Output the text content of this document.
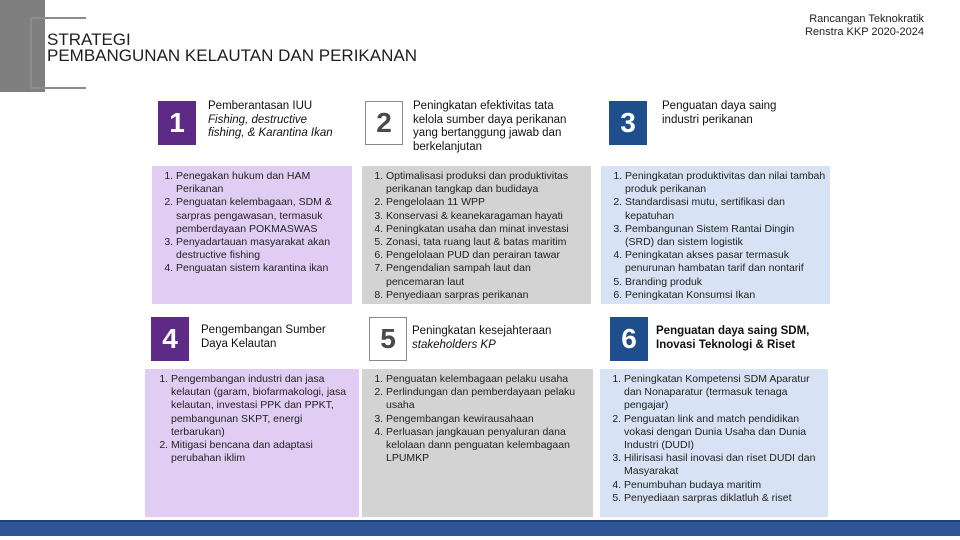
STRATEGI
PEMBANGUNAN KELAUTAN DAN PERIKANAN
Rancangan Teknokratik
Renstra KKP 2020-2024
1
Pemberantasan IUU
Fishing, destructive
fishing, & Karantina Ikan
1. Penegakan hukum dan HAM Perikanan
2. Penguatan kelembagaan, SDM & sarpras pengawasan, termasuk pemberdayaan POKMASWAS
3. Penyadartauan masyarakat akan destructive fishing
4. Penguatan sistem karantina ikan
2
Peningkatan efektivitas tata
kelola sumber daya perikanan
yang bertanggung jawab dan
berkelanjutan
1. Optimalisasi produksi dan produktivitas perikanan tangkap dan budidaya
2. Pengelolaan 11 WPP
3. Konservasi & keanekaragaman hayati
4. Peningkatan usaha dan minat investasi
5. Zonasi, tata ruang laut & batas maritim
6. Pengelolaan PUD dan perairan tawar
7. Pengendalian sampah laut dan pencemaran laut
8. Penyediaan sarpras perikanan
3
Penguatan daya saing
industri perikanan
1. Peningkatan produktivitas dan nilai tambah produk perikanan
2. Standardisasi mutu, sertifikasi dan kepatuhan
3. Pembangunan Sistem Rantai Dingin (SRD) dan sistem logistik
4. Peningkatan akses pasar termasuk penurunan hambatan tarif dan nontarif
5. Branding produk
6. Peningkatan Konsumsi Ikan
4	Pengembangan Sumber
Daya Kelautan
1. Pengembangan industri dan jasa kelautan (garam, biofarmakologi, jasa kelautan, investasi PPK dan PPKT, pembangunan SKPT, energi terbarukan)
2. Mitigasi bencana dan adaptasi perubahan iklim
5	Peningkatan kesejahteraan
stakeholders KP
1. Penguatan kelembagaan pelaku usaha
2. Perlindungan dan pemberdayaan pelaku usaha
3. Pengembangan kewirausahaan
4. Perluasan jangkauan penyaluran dana kelolaan dann penguatan kelembagaan LPUMKP
6	Penguatan daya saing SDM,
Inovasi Teknologi & Riset
1. Peningkatan Kompetensi SDM Aparatur dan Nonaparatur (termasuk tenaga pengajar)
2. Penguatan link and match pendidikan vokasi dengan Dunia Usaha dan Dunia Industri (DUDI)
3. Hilirisasi hasil inovasi dan riset DUDI dan Masyarakat
4. Penumbuhan budaya maritim
5. Penyediaan sarpras diklatluh & riset
